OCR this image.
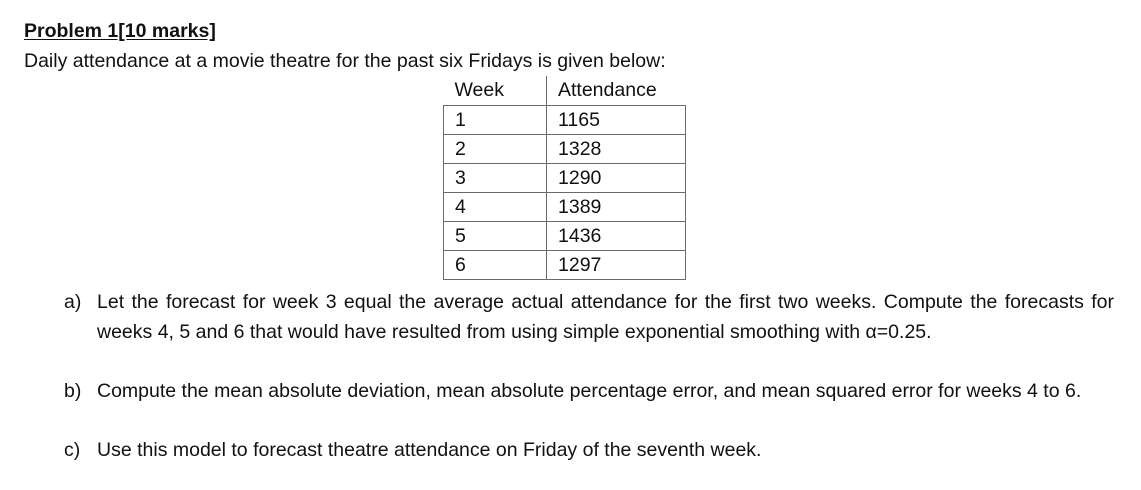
Problem 1[10 marks]
Daily attendance at a movie theatre for the past six Fridays is given below:
Week	Attendance
1	1165
2	1328
3	1290
4	1389
5	1436
6	1297
a) Let the forecast for week 3 equal the average actual attendance for the first two weeks. Compute the forecasts for weeks 4, 5 and 6 that would have resulted from using simple exponential smoothing with α=0.25.
b) Compute the mean absolute deviation, mean absolute percentage error, and mean squared error for weeks 4 to 6.
c) Use this model to forecast theatre attendance on Friday of the seventh week.
